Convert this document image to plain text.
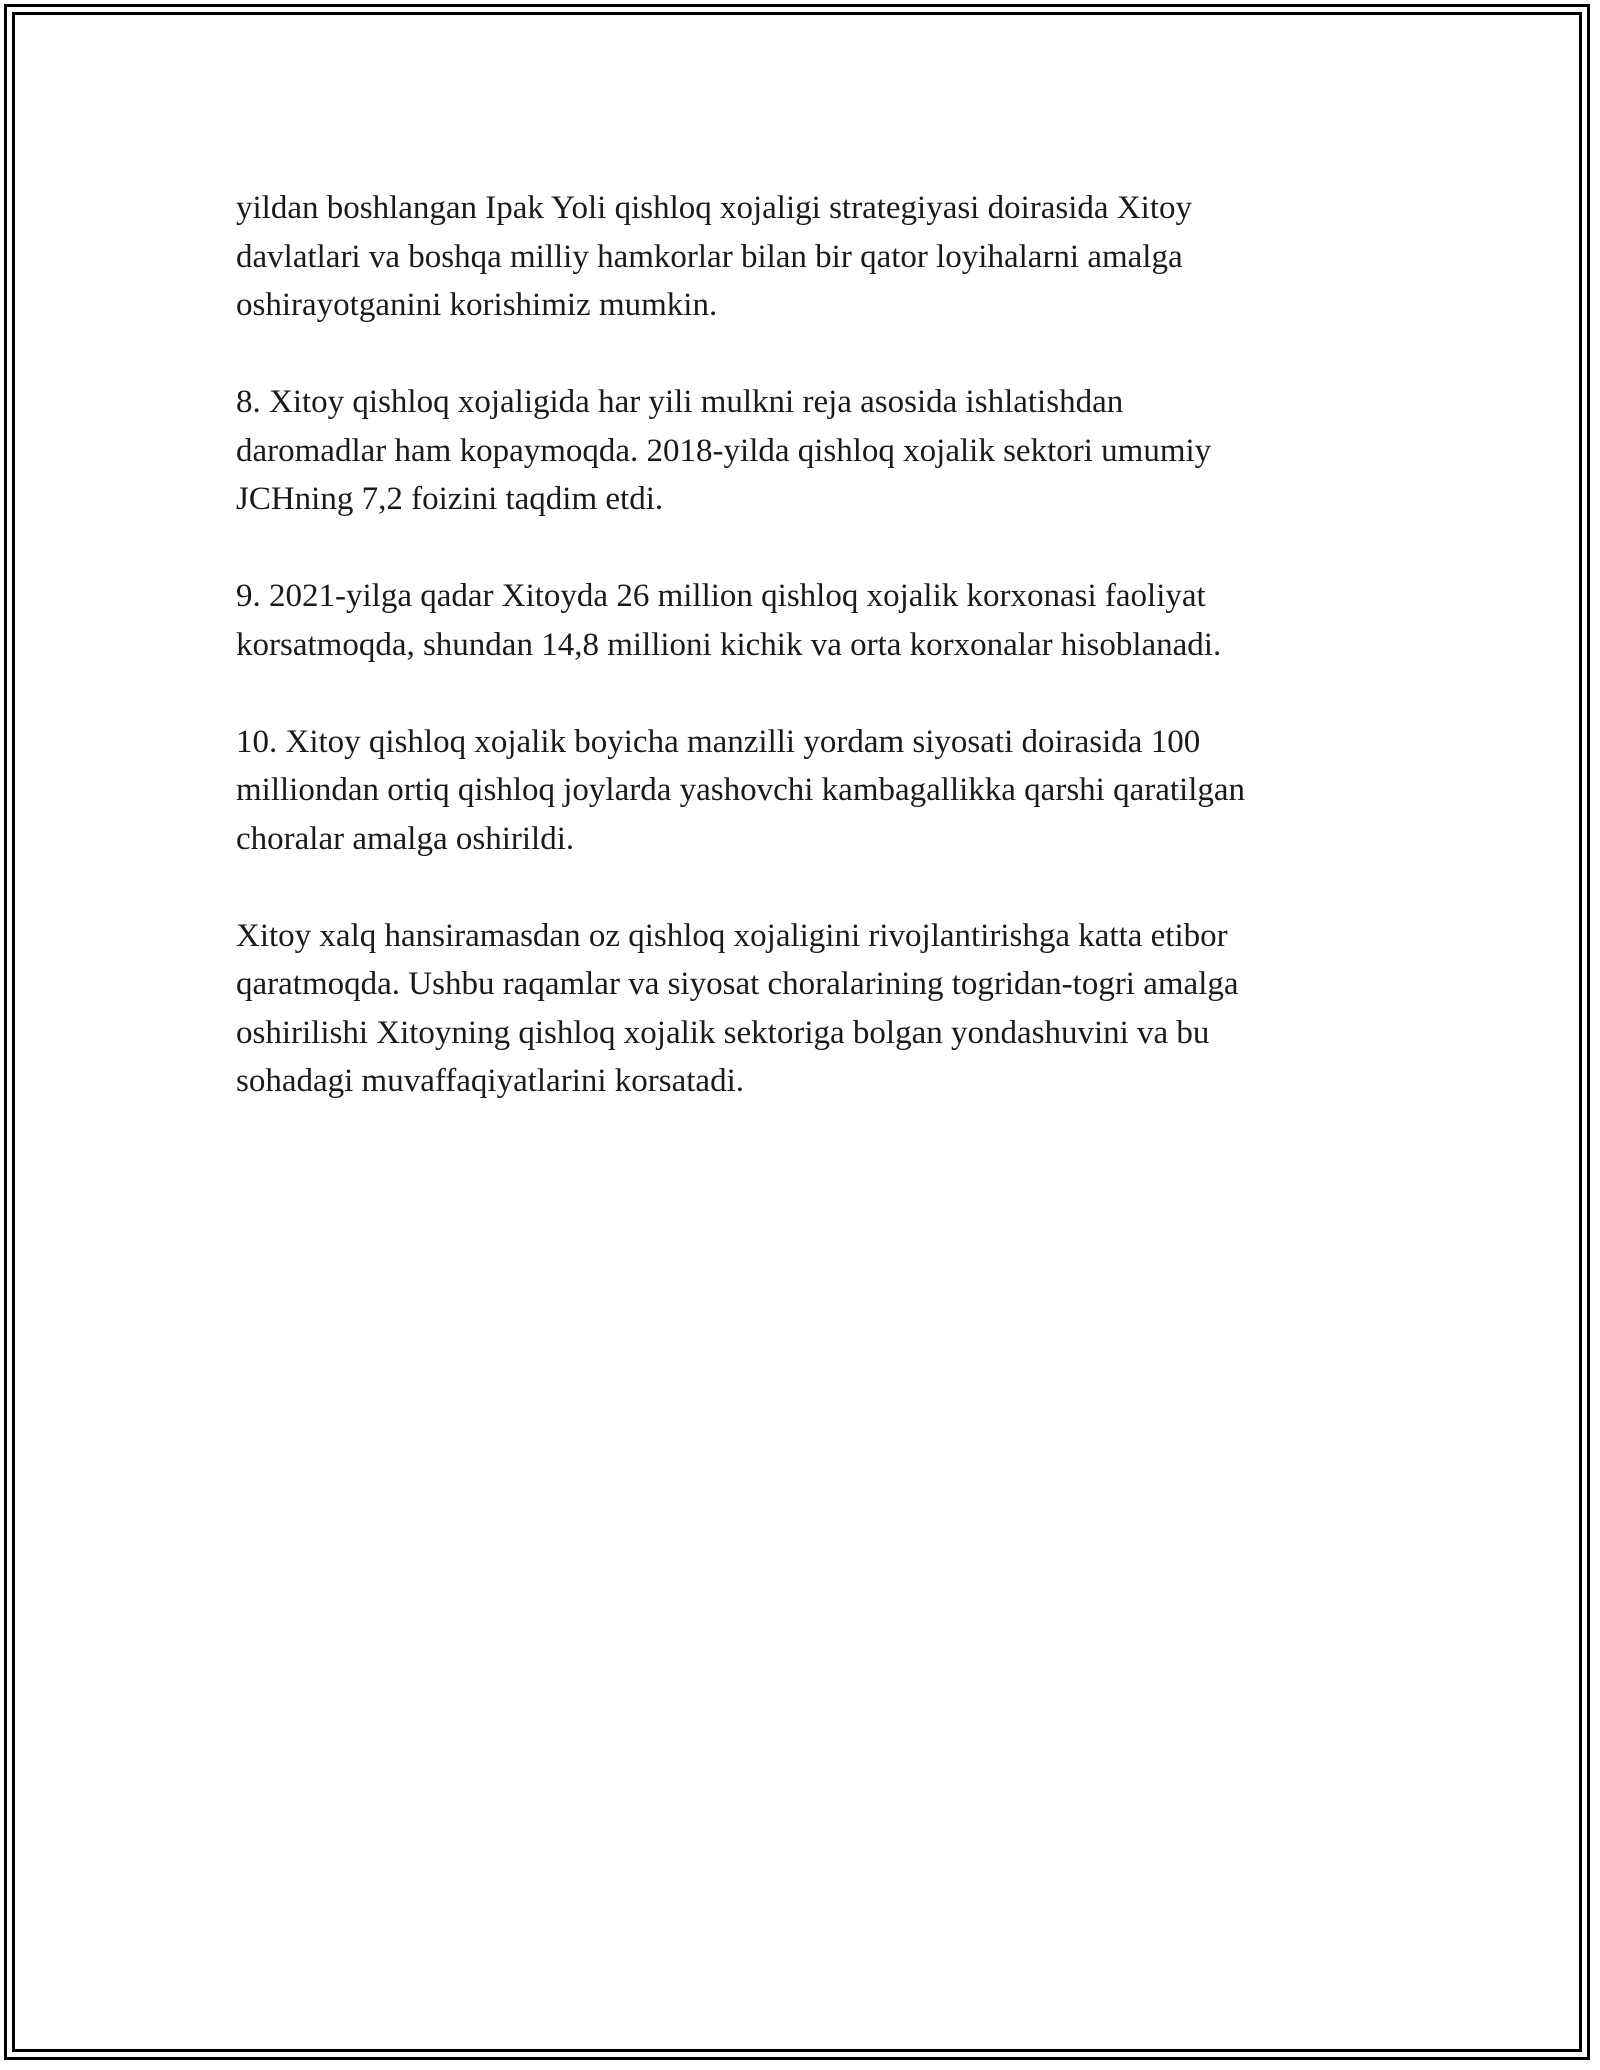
yildan boshlangan Ipak Yoli qishloq xojaligi strategiyasi doirasida Xitoy
davlatlari va boshqa milliy hamkorlar bilan bir qator loyihalarni amalga
oshirayotganini korishimiz mumkin.

8. Xitoy qishloq xojaligida har yili mulkni reja asosida ishlatishdan
daromadlar ham kopaymoqda. 2018-yilda qishloq xojalik sektori umumiy
JCHning 7,2 foizini taqdim etdi.

9. 2021-yilga qadar Xitoyda 26 million qishloq xojalik korxonasi faoliyat
korsatmoqda, shundan 14,8 millioni kichik va orta korxonalar hisoblanadi.

10. Xitoy qishloq xojalik boyicha manzilli yordam siyosati doirasida 100
milliondan ortiq qishloq joylarda yashovchi kambagallikka qarshi qaratilgan
choralar amalga oshirildi.

Xitoy xalq hansiramasdan oz qishloq xojaligini rivojlantirishga katta etibor
qaratmoqda. Ushbu raqamlar va siyosat choralarining togridan-togri amalga
oshirilishi Xitoyning qishloq xojalik sektoriga bolgan yondashuvini va bu
sohadagi muvaffaqiyatlarini korsatadi.
